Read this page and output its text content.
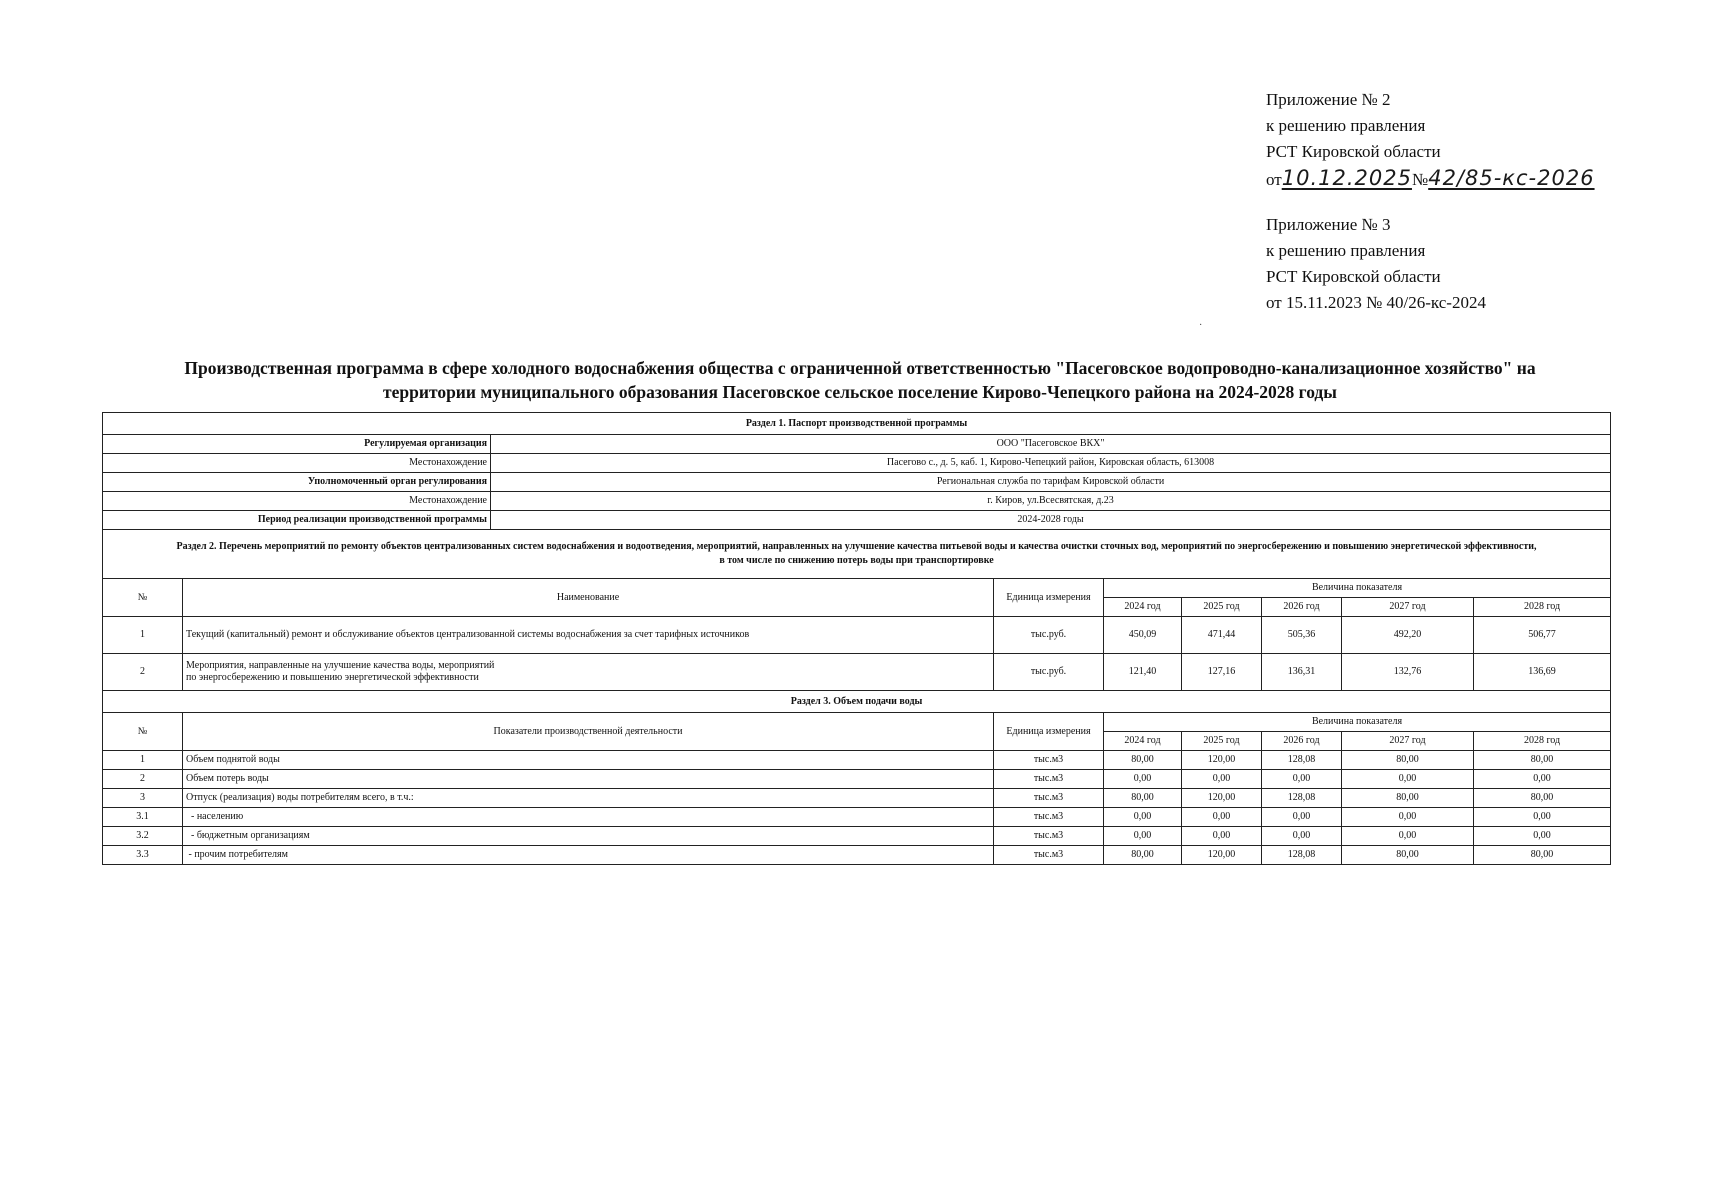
Приложение № 2
к решению правления
РСТ Кировской области
от10.12.2025№42/85-кс-2026
Приложение № 3
к решению правления
РСТ Кировской области
от 15.11.2023 № 40/26-кс-2024
·
Производственная программа в сфере холодного водоснабжения общества с ограниченной ответственностью "Пасеговское водопроводно-канализационное хозяйство" на
территории муниципального образования Пасеговское сельское поселение Кирово-Чепецкого района на 2024-2028 годы
Раздел 1. Паспорт производственной программы								
Регулируемая организация		ООО "Пасеговское ВКХ"						
Местонахождение		Пасегово с., д. 5, каб. 1, Кирово-Чепецкий район, Кировская область, 613008						
Уполномоченный орган регулирования		Региональная служба по тарифам Кировской области						
Местонахождение		г. Киров, ул.Всесвятская, д.23						
Период реализации производственной программы		2024-2028 годы						

Раздел 2. Перечень мероприятий по ремонту объектов централизованных систем водоснабжения и водоотведения, мероприятий, направленных на улучшение качества питьевой воды и качества очистки сточных вод, мероприятий по энергосбережению и повышению энергетической эффективности,
в том числе по снижению потерь воды при транспортировке								

№	Наименование		Единица измерения	Величина показателя				
				2024 год	2025 год	2026 год	2027 год	2028 год
1	Текущий (капитальный) ремонт и обслуживание объектов централизованной системы водоснабжения за счет тарифных источников		тыс.руб.	450,09	471,44	505,36	492,20	506,77
2	Мероприятия, направленные на улучшение качества воды, мероприятий
по энергосбережению и повышению энергетической эффективности		тыс.руб.	121,40	127,16	136,31	132,76	136,69
Раздел 3. Объем подачи воды								
№	Показатели производственной деятельности		Единица измерения	Величина показателя				
				2024 год	2025 год	2026 год	2027 год	2028 год
1	Объем поднятой воды		тыс.м3	80,00	120,00	128,08	80,00	80,00
2	Объем потерь воды		тыс.м3	0,00	0,00	0,00	0,00	0,00
3	Отпуск (реализация) воды потребителям всего, в т.ч.:		тыс.м3	80,00	120,00	128,08	80,00	80,00
3.1	- населению		тыс.м3	0,00	0,00	0,00	0,00	0,00
3.2	- бюджетным организациям		тыс.м3	0,00	0,00	0,00	0,00	0,00
3.3	- прочим потребителям		тыс.м3	80,00	120,00	128,08	80,00	80,00
